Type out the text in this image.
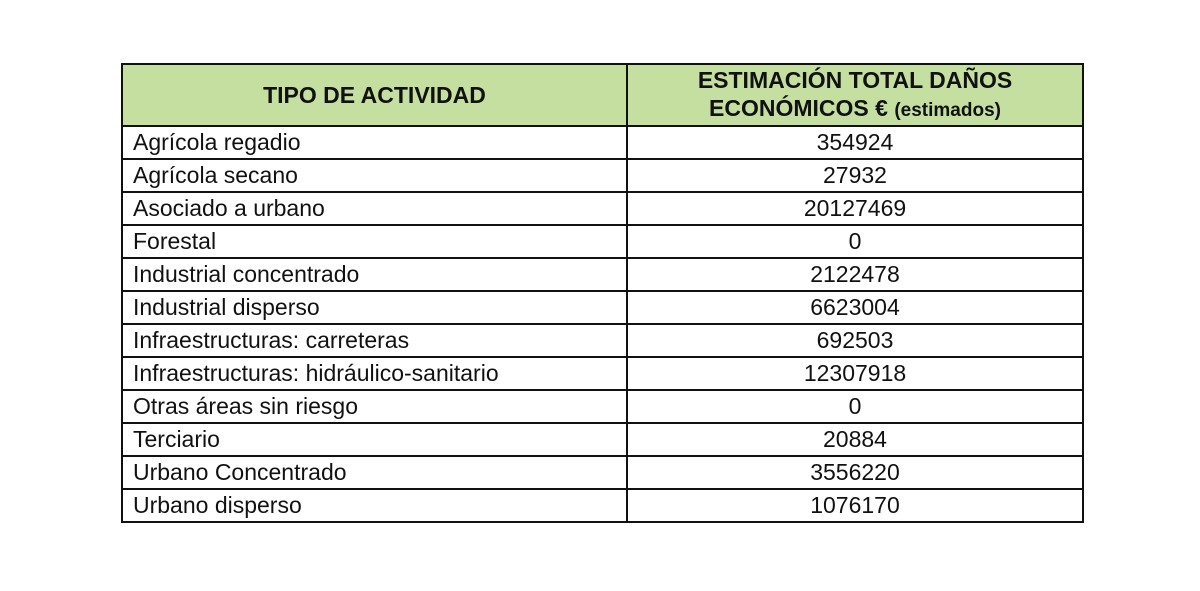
TIPO DE ACTIVIDAD	ESTIMACIÓN TOTAL DAÑOS
ECONÓMICOS € (estimados)
Agrícola regadio	354924
Agrícola secano	27932
Asociado a urbano	20127469
Forestal	0
Industrial concentrado	2122478
Industrial disperso	6623004
Infraestructuras: carreteras	692503
Infraestructuras: hidráulico-sanitario	12307918
Otras áreas sin riesgo	0
Terciario	20884
Urbano Concentrado	3556220
Urbano disperso	1076170
